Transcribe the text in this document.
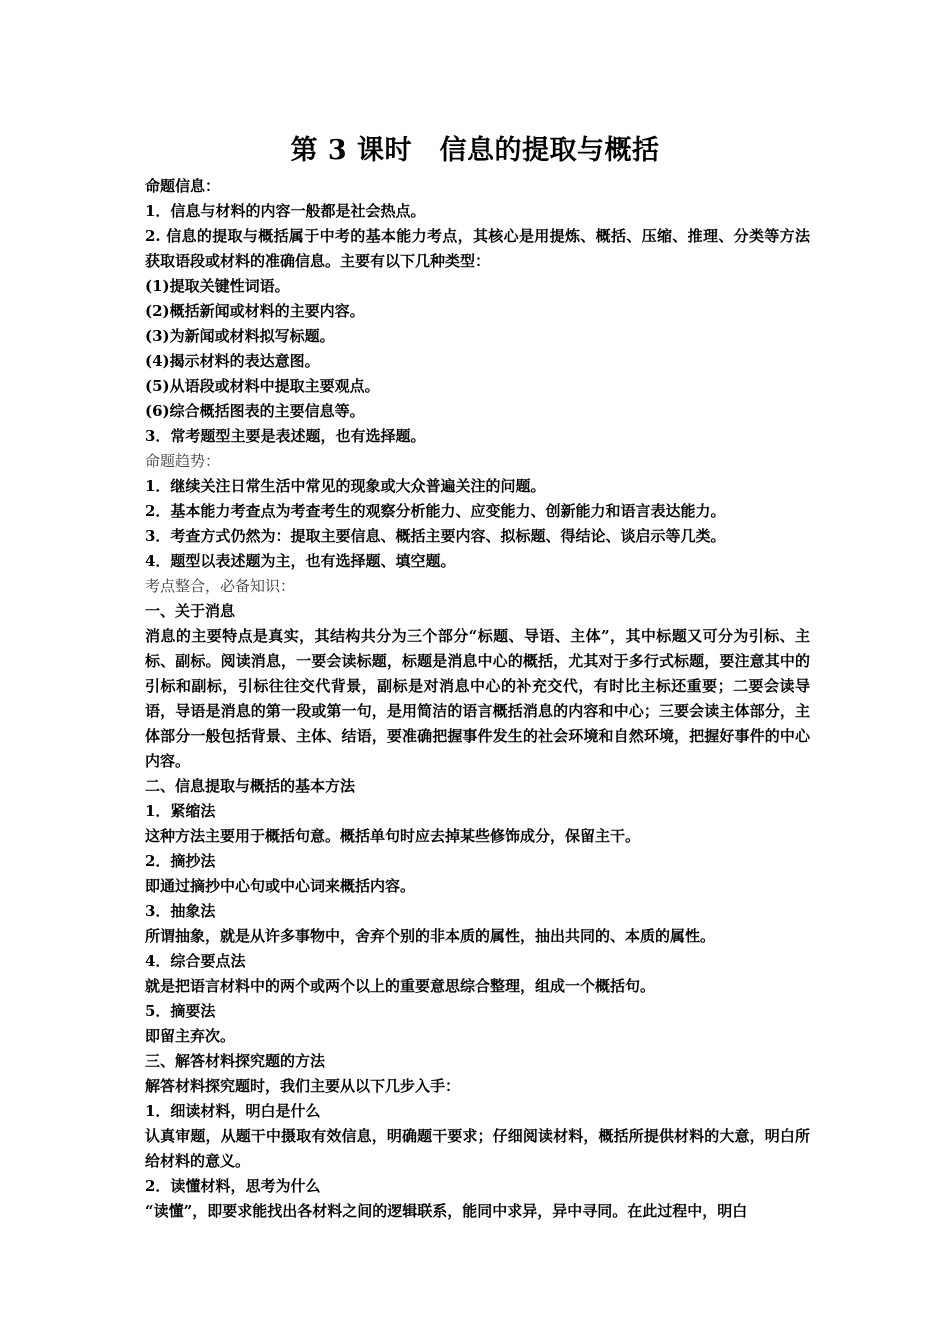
第 3 课时　信息的提取与概括

命题信息：

1．信息与材料的内容一般都是社会热点。

2. 信息的提取与概括属于中考的基本能力考点，其核心是用提炼、概括、压缩、推理、分类等方法获取语段或材料的准确信息。主要有以下几种类型：

(1)提取关键性词语。

(2)概括新闻或材料的主要内容。

(3)为新闻或材料拟写标题。

(4)揭示材料的表达意图。

(5)从语段或材料中提取主要观点。

(6)综合概括图表的主要信息等。

3．常考题型主要是表述题，也有选择题。

命题趋势：

1．继续关注日常生活中常见的现象或大众普遍关注的问题。

2．基本能力考查点为考查考生的观察分析能力、应变能力、创新能力和语言表达能力。

3．考查方式仍然为：提取主要信息、概括主要内容、拟标题、得结论、谈启示等几类。

4．题型以表述题为主，也有选择题、填空题。

考点整合，必备知识：

一、关于消息

消息的主要特点是真实，其结构共分为三个部分“标题、导语、主体”，其中标题又可分为引标、主标、副标。阅读消息，一要会读标题，标题是消息中心的概括，尤其对于多行式标题，要注意其中的引标和副标，引标往往交代背景，副标是对消息中心的补充交代，有时比主标还重要；二要会读导语，导语是消息的第一段或第一句，是用简洁的语言概括消息的内容和中心；三要会读主体部分，主体部分一般包括背景、主体、结语，要准确把握事件发生的社会环境和自然环境，把握好事件的中心内容。

二、信息提取与概括的基本方法

1．紧缩法

这种方法主要用于概括句意。概括单句时应去掉某些修饰成分，保留主干。

2．摘抄法

即通过摘抄中心句或中心词来概括内容。

3．抽象法

所谓抽象，就是从许多事物中，舍弃个别的非本质的属性，抽出共同的、本质的属性。

4．综合要点法

就是把语言材料中的两个或两个以上的重要意思综合整理，组成一个概括句。

5．摘要法

即留主弃次。

三、解答材料探究题的方法

解答材料探究题时，我们主要从以下几步入手：

1．细读材料，明白是什么

认真审题，从题干中摄取有效信息，明确题干要求；仔细阅读材料，概括所提供材料的大意，明白所给材料的意义。

2．读懂材料，思考为什么

“读懂”，即要求能找出各材料之间的逻辑联系，能同中求异，异中寻同。在此过程中，明白
